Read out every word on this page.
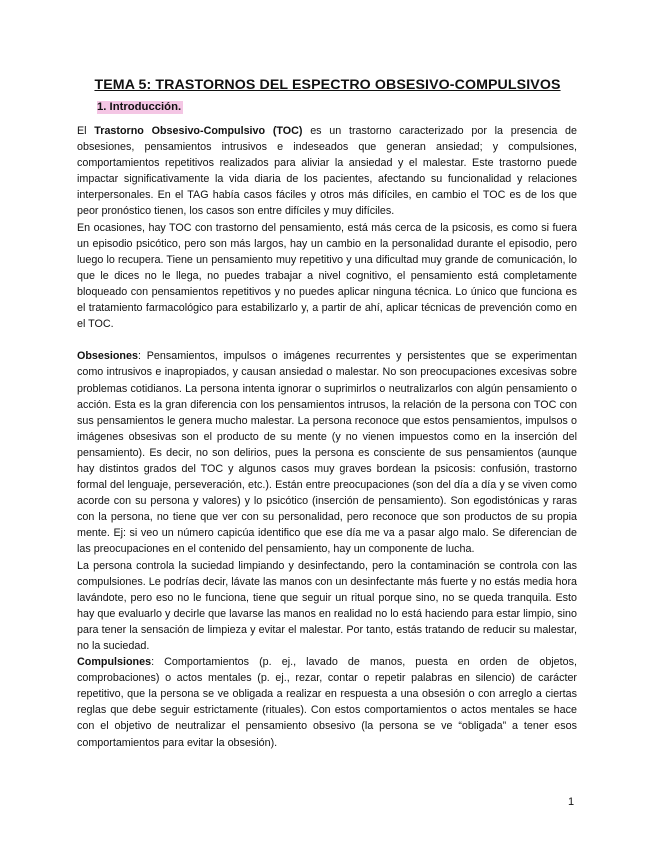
TEMA 5: TRASTORNOS DEL ESPECTRO OBSESIVO-COMPULSIVOS
1. Introducción.

El Trastorno Obsesivo-Compulsivo (TOC) es un trastorno caracterizado por la presencia de obsesiones, pensamientos intrusivos e indeseados que generan ansiedad; y compulsiones, comportamientos repetitivos realizados para aliviar la ansiedad y el malestar. Este trastorno puede impactar significativamente la vida diaria de los pacientes, afectando su funcionalidad y relaciones interpersonales. En el TAG había casos fáciles y otros más difíciles, en cambio el TOC es de los que peor pronóstico tienen, los casos son entre difíciles y muy difíciles.

En ocasiones, hay TOC con trastorno del pensamiento, está más cerca de la psicosis, es como si fuera un episodio psicótico, pero son más largos, hay un cambio en la personalidad durante el episodio, pero luego lo recupera. Tiene un pensamiento muy repetitivo y una dificultad muy grande de comunicación, lo que le dices no le llega, no puedes trabajar a nivel cognitivo, el pensamiento está completamente bloqueado con pensamientos repetitivos y no puedes aplicar ninguna técnica. Lo único que funciona es el tratamiento farmacológico para estabilizarlo y, a partir de ahí, aplicar técnicas de prevención como en el TOC.

Obsesiones: Pensamientos, impulsos o imágenes recurrentes y persistentes que se experimentan como intrusivos e inapropiados, y causan ansiedad o malestar. No son preocupaciones excesivas sobre problemas cotidianos. La persona intenta ignorar o suprimirlos o neutralizarlos con algún pensamiento o acción. Esta es la gran diferencia con los pensamientos intrusos, la relación de la persona con TOC con sus pensamientos le genera mucho malestar. La persona reconoce que estos pensamientos, impulsos o imágenes obsesivas son el producto de su mente (y no vienen impuestos como en la inserción del pensamiento). Es decir, no son delirios, pues la persona es consciente de sus pensamientos (aunque hay distintos grados del TOC y algunos casos muy graves bordean la psicosis: confusión, trastorno formal del lenguaje, perseveración, etc.). Están entre preocupaciones (son del día a día y se viven como acorde con su persona y valores) y lo psicótico (inserción de pensamiento). Son egodistónicas y raras con la persona, no tiene que ver con su personalidad, pero reconoce que son productos de su propia mente. Ej: si veo un número capicúa identifico que ese día me va a pasar algo malo. Se diferencian de las preocupaciones en el contenido del pensamiento, hay un componente de lucha.

La persona controla la suciedad limpiando y desinfectando, pero la contaminación se controla con las compulsiones. Le podrías decir, lávate las manos con un desinfectante más fuerte y no estás media hora lavándote, pero eso no le funciona, tiene que seguir un ritual porque sino, no se queda tranquila. Esto hay que evaluarlo y decirle que lavarse las manos en realidad no lo está haciendo para estar limpio, sino para tener la sensación de limpieza y evitar el malestar. Por tanto, estás tratando de reducir su malestar, no la suciedad.

Compulsiones: Comportamientos (p. ej., lavado de manos, puesta en orden de objetos, comprobaciones) o actos mentales (p. ej., rezar, contar o repetir palabras en silencio) de carácter repetitivo, que la persona se ve obligada a realizar en respuesta a una obsesión o con arreglo a ciertas reglas que debe seguir estrictamente (rituales). Con estos comportamientos o actos mentales se hace con el objetivo de neutralizar el pensamiento obsesivo (la persona se ve “obligada” a tener esos comportamientos para evitar la obsesión).

1
